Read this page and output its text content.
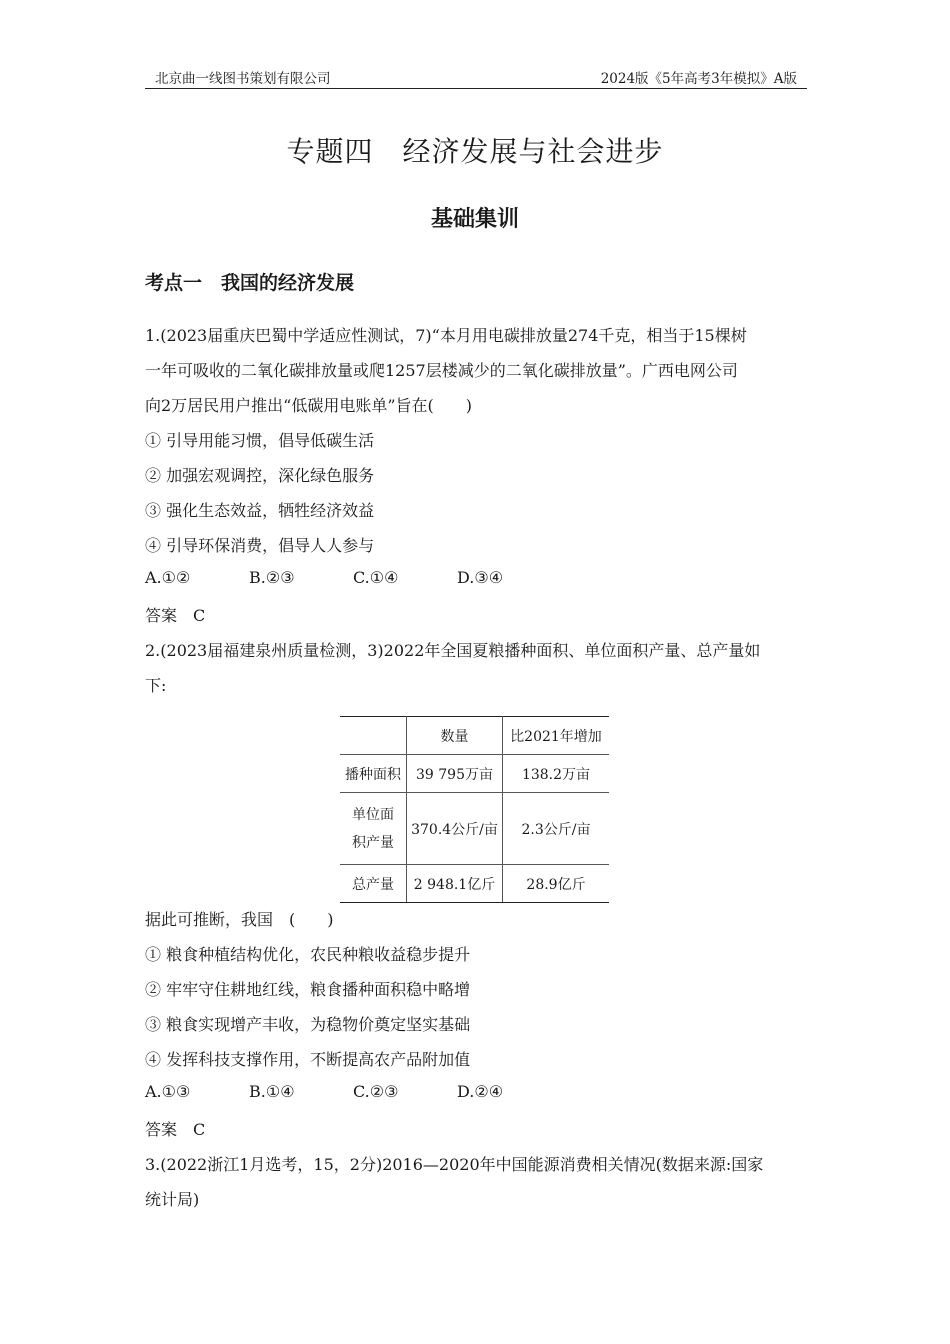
北京曲一线图书策划有限公司	2024版《5年高考3年模拟》A版
专题四　经济发展与社会进步
基础集训
考点一　我国的经济发展
1.(2023届重庆巴蜀中学适应性测试，7)“本月用电碳排放量274千克，相当于15棵树
一年可吸收的二氧化碳排放量或爬1257层楼减少的二氧化碳排放量”。广西电网公司
向2万居民用户推出“低碳用电账单”旨在(　　)
① 引导用能习惯，倡导低碳生活
② 加强宏观调控，深化绿色服务
③ 强化生态效益，牺牲经济效益
④ 引导环保消费，倡导人人参与
A.①②	B.②③	C.①④	D.③④
答案　C
2.(2023届福建泉州质量检测，3)2022年全国夏粮播种面积、单位面积产量、总产量如
下:
	数量	比2021年增加

播种面积	39 795万亩	138.2万亩

单位面
积产量	370.4公斤/亩	2.3公斤/亩

总产量	2 948.1亿斤	28.9亿斤
据此可推断，我国　(　　)
① 粮食种植结构优化，农民种粮收益稳步提升
② 牢牢守住耕地红线，粮食播种面积稳中略增
③ 粮食实现增产丰收，为稳物价奠定坚实基础
④ 发挥科技支撑作用，不断提高农产品附加值
A.①③	B.①④	C.②③	D.②④
答案　C
3.(2022浙江1月选考，15，2分)2016—2020年中国能源消费相关情况(数据来源:国家
统计局)
